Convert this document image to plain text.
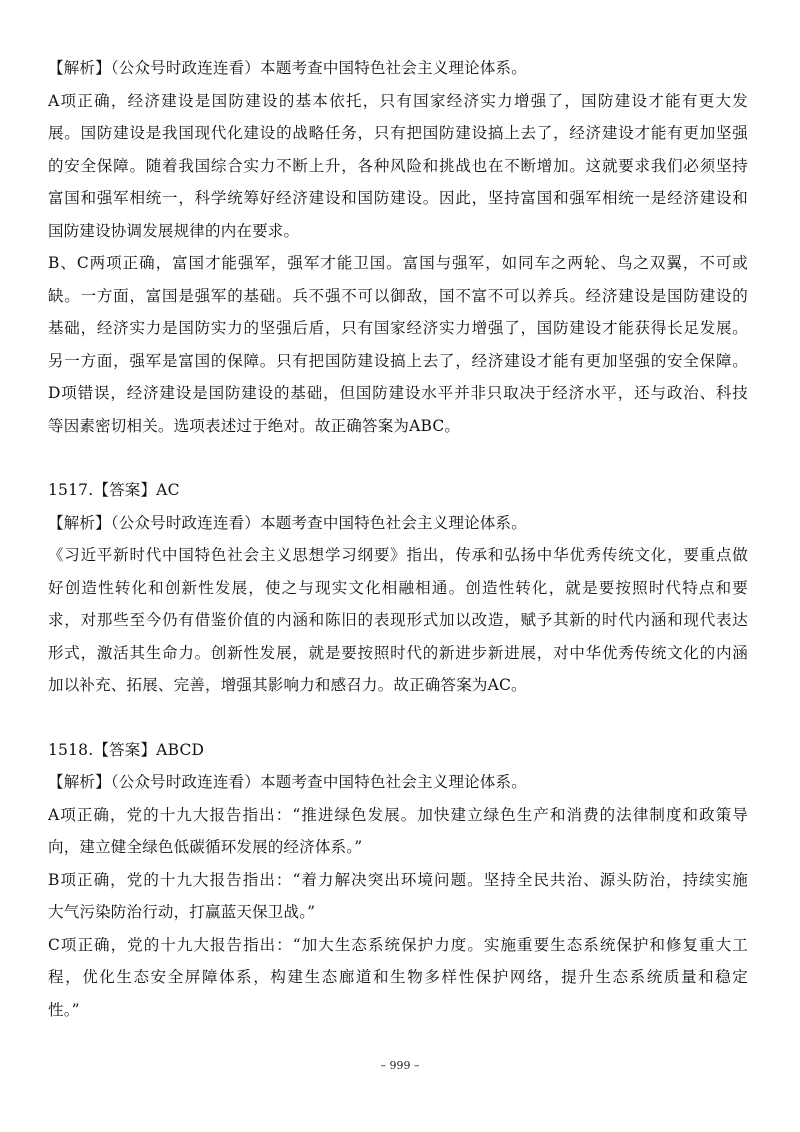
【解析】（公众号时政连连看）本题考查中国特色社会主义理论体系。
A项正确，经济建设是国防建设的基本依托，只有国家经济实力增强了，国防建设才能有更大发
展。国防建设是我国现代化建设的战略任务，只有把国防建设搞上去了，经济建设才能有更加坚强
的安全保障。随着我国综合实力不断上升，各种风险和挑战也在不断增加。这就要求我们必须坚持
富国和强军相统一，科学统筹好经济建设和国防建设。因此，坚持富国和强军相统一是经济建设和
国防建设协调发展规律的内在要求。
B、C两项正确，富国才能强军，强军才能卫国。富国与强军，如同车之两轮、鸟之双翼，不可或
缺。一方面，富国是强军的基础。兵不强不可以御敌，国不富不可以养兵。经济建设是国防建设的
基础，经济实力是国防实力的坚强后盾，只有国家经济实力增强了，国防建设才能获得长足发展。
另一方面，强军是富国的保障。只有把国防建设搞上去了，经济建设才能有更加坚强的安全保障。
D项错误，经济建设是国防建设的基础，但国防建设水平并非只取决于经济水平，还与政治、科技
等因素密切相关。选项表述过于绝对。故正确答案为ABC。
1517.【答案】AC
【解析】（公众号时政连连看）本题考查中国特色社会主义理论体系。
《习近平新时代中国特色社会主义思想学习纲要》指出，传承和弘扬中华优秀传统文化，要重点做
好创造性转化和创新性发展，使之与现实文化相融相通。创造性转化，就是要按照时代特点和要
求，对那些至今仍有借鉴价值的内涵和陈旧的表现形式加以改造，赋予其新的时代内涵和现代表达
形式，激活其生命力。创新性发展，就是要按照时代的新进步新进展，对中华优秀传统文化的内涵
加以补充、拓展、完善，增强其影响力和感召力。故正确答案为AC。
1518.【答案】ABCD
【解析】（公众号时政连连看）本题考查中国特色社会主义理论体系。
A项正确，党的十九大报告指出：“推进绿色发展。加快建立绿色生产和消费的法律制度和政策导
向，建立健全绿色低碳循环发展的经济体系。”
B项正确，党的十九大报告指出：“着力解决突出环境问题。坚持全民共治、源头防治，持续实施
大气污染防治行动，打赢蓝天保卫战。”
C项正确，党的十九大报告指出：“加大生态系统保护力度。实施重要生态系统保护和修复重大工
程，优化生态安全屏障体系，构建生态廊道和生物多样性保护网络，提升生态系统质量和稳定
性。”
– 999 –
